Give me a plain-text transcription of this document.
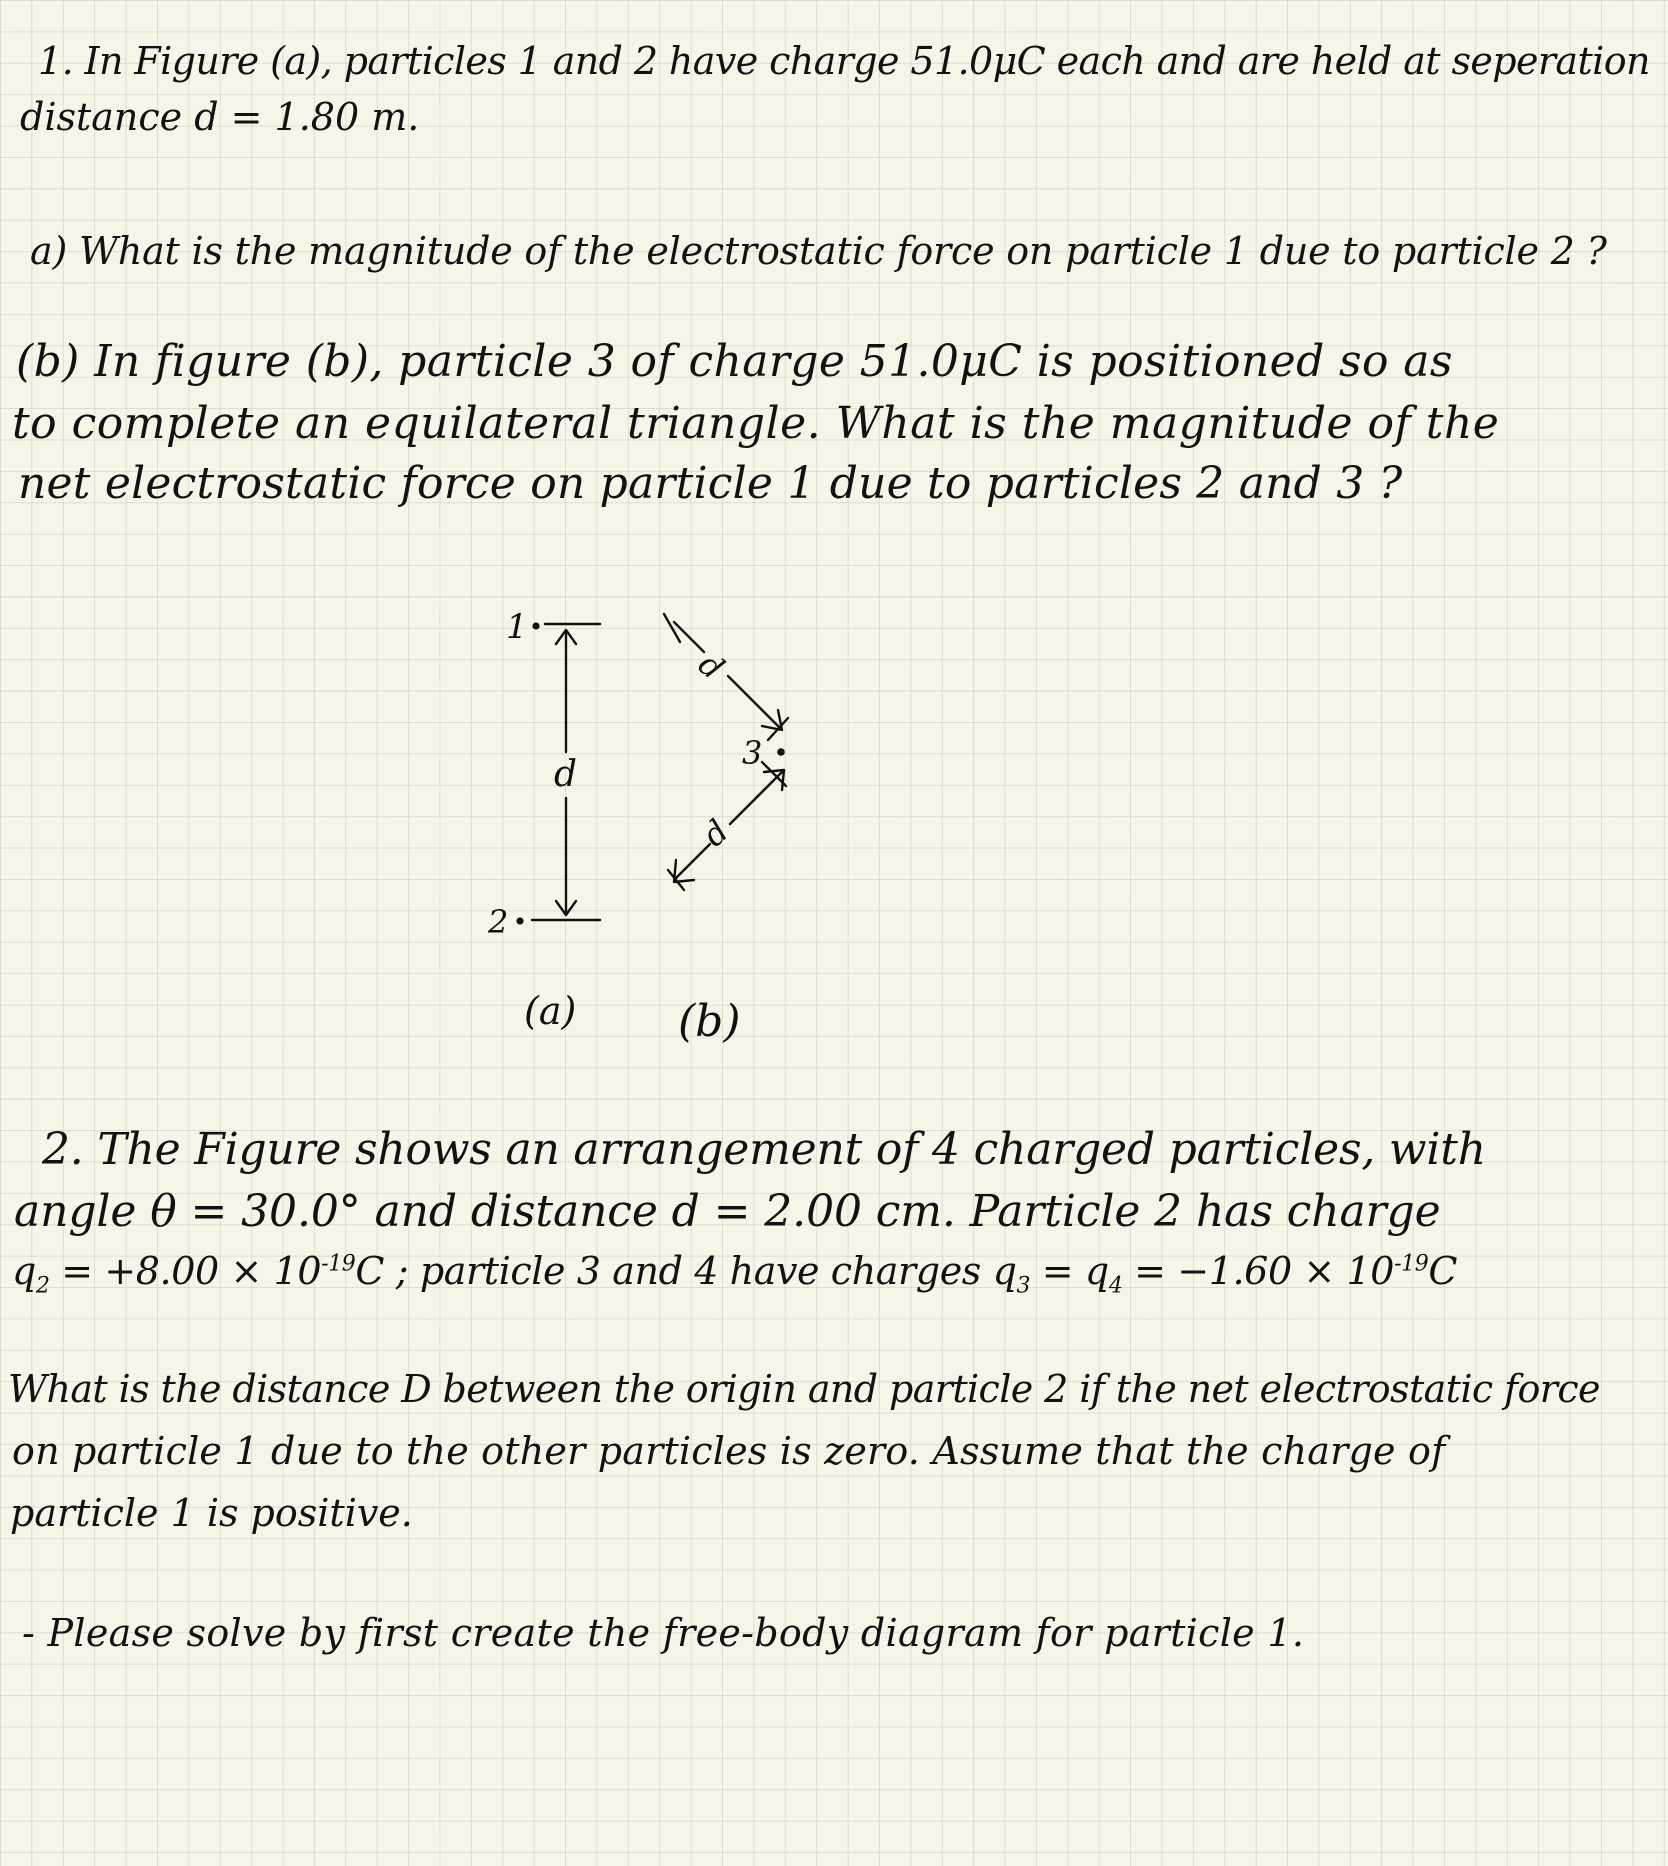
1. In Figure (a), particles 1 and 2 have charge 51.0μC each and are held at seperation
distance d = 1.80 m.
a) What is the magnitude of the electrostatic force on particle 1 due to particle 2 ?
(b) In figure (b), particle 3 of charge 51.0μC is positioned so as
to complete an equilateral triangle. What is the magnitude of the
net electrostatic force on particle 1 due to particles 2 and 3 ?
1
2
3
d
d
d
(a) (b)
2. The Figure shows an arrangement of 4 charged particles, with
angle θ = 30.0° and distance d = 2.00 cm. Particle 2 has charge
$q_2 = +8.00 \times 10^{-19}C$ ; particle 3 and 4 have charges $q_3 = q_4 = -1.60 \times 10^{-19}C$
What is the distance D between the origin and particle 2 if the net electrostatic force
on particle 1 due to the other particles is zero. Assume that the charge of
particle 1 is positive.
- Please solve by first create the free-body diagram for particle 1.
